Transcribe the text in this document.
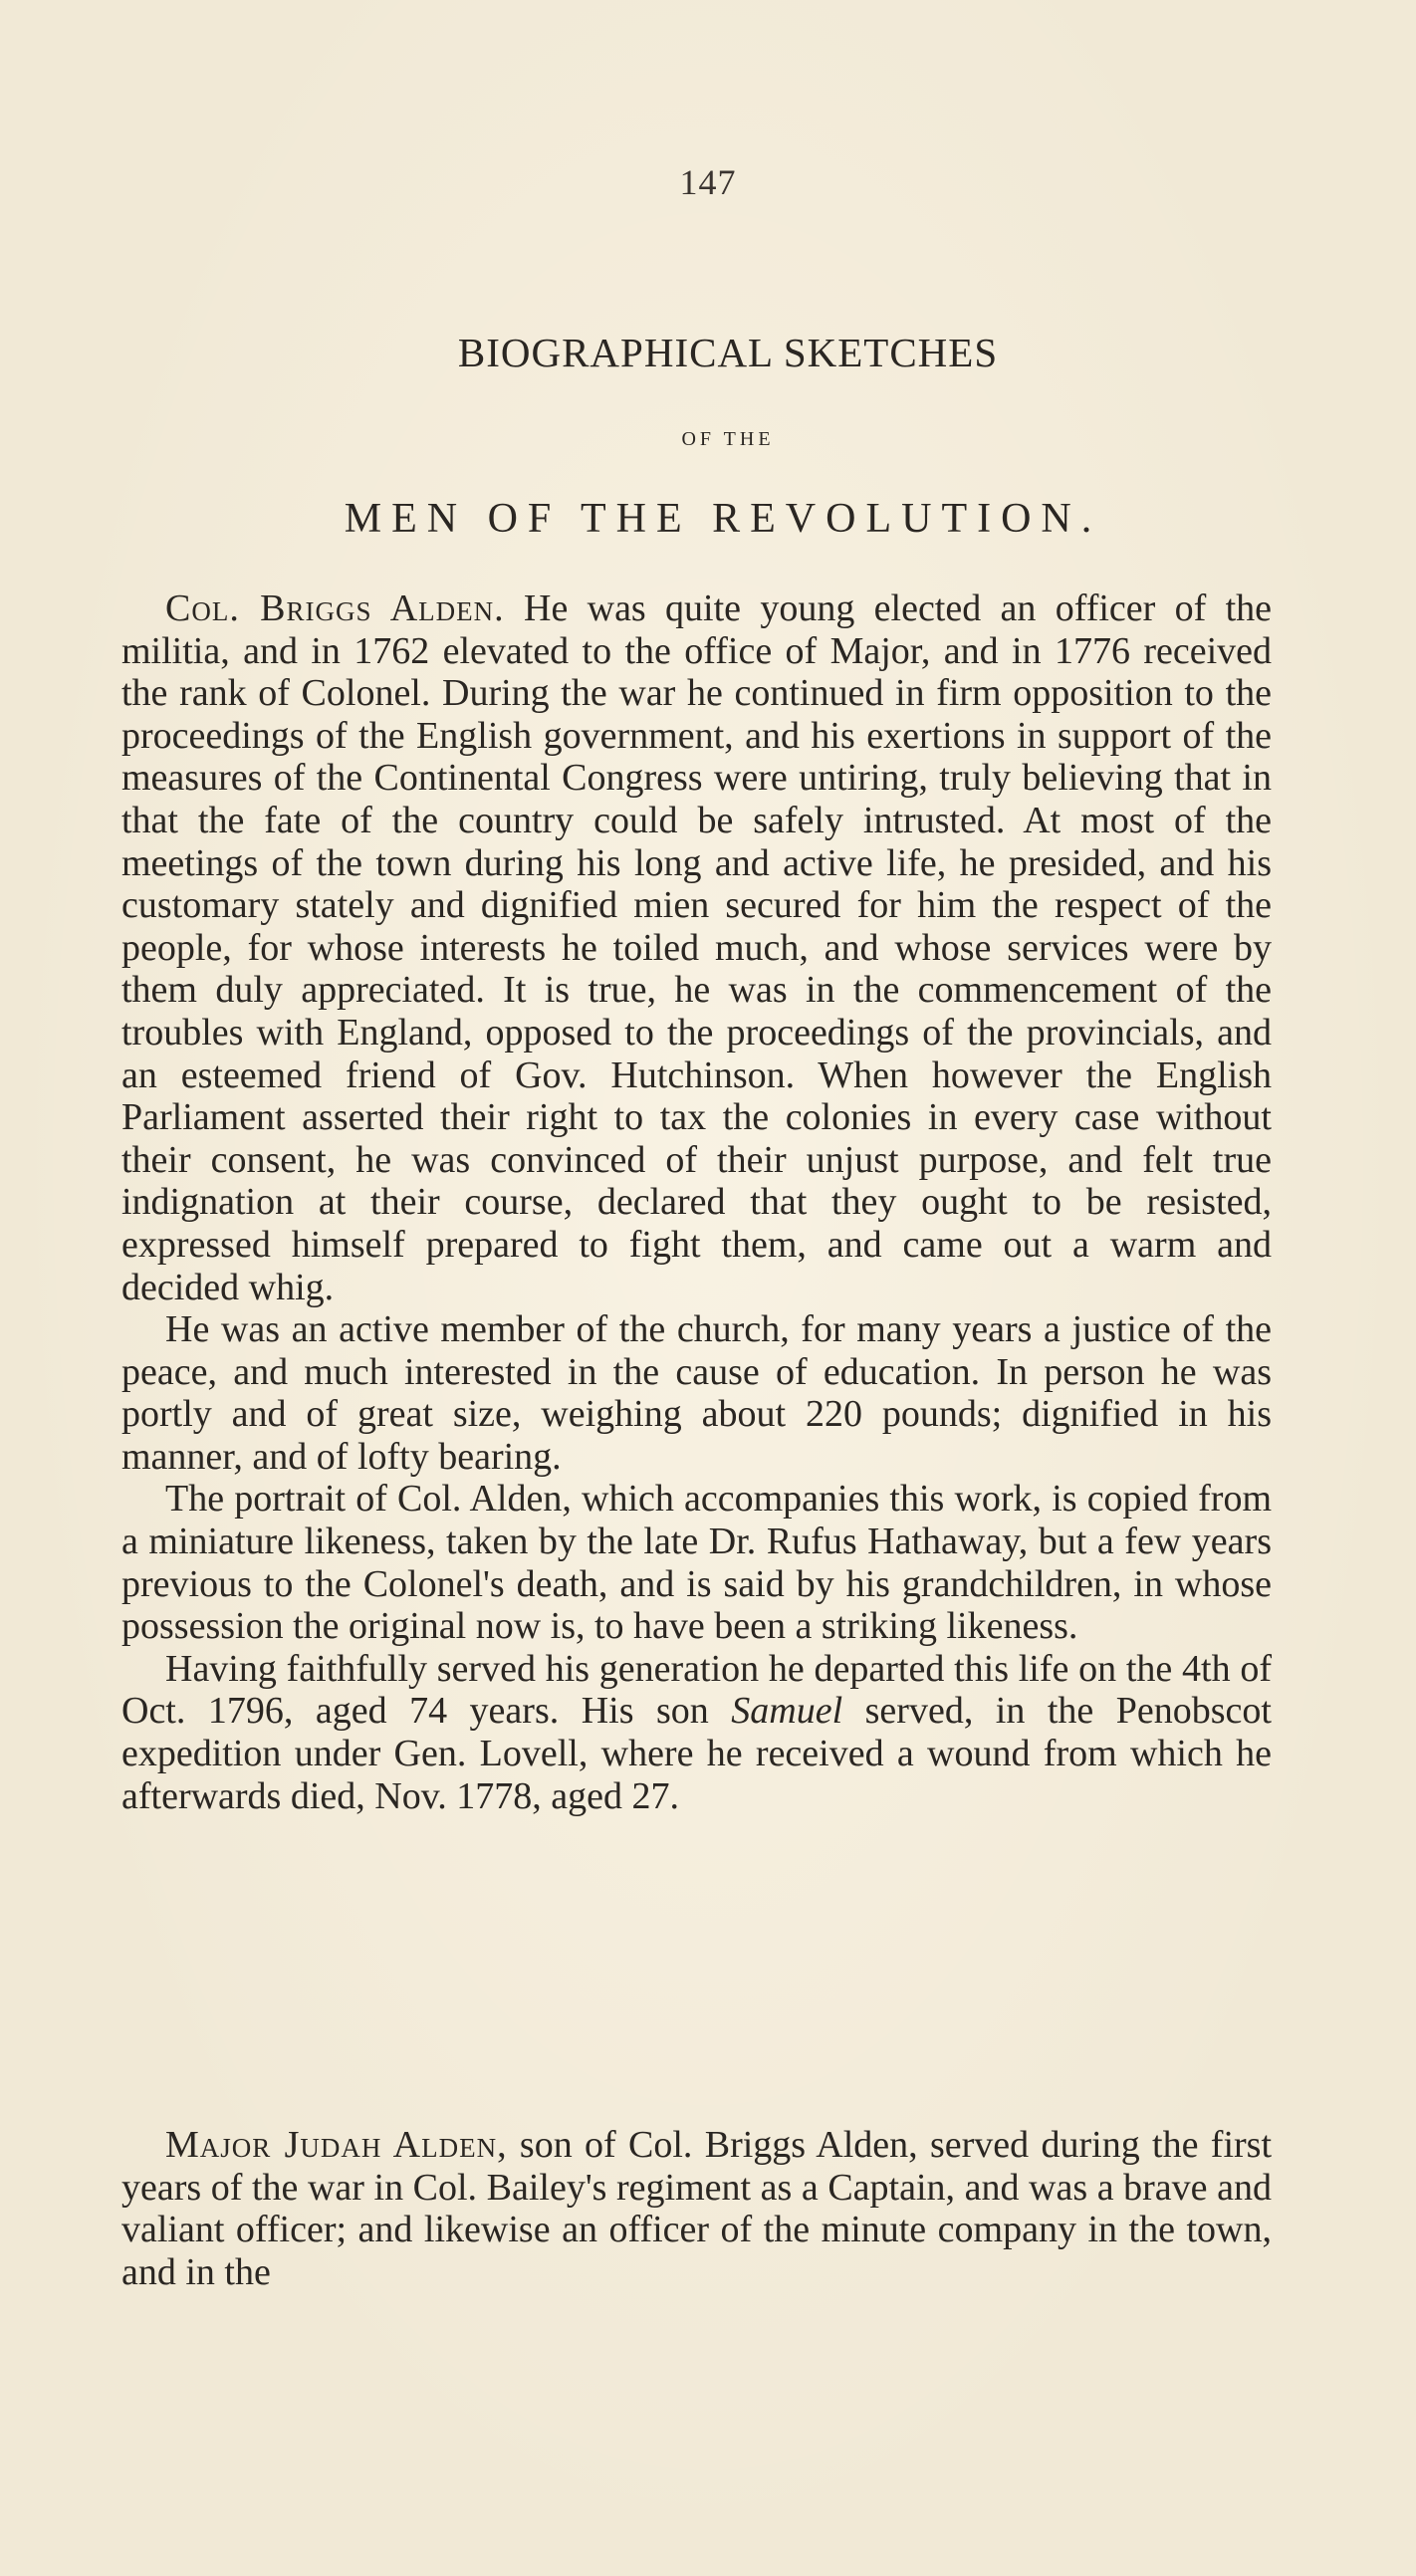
147
BIOGRAPHICAL SKETCHES
OF THE
MEN OF THE REVOLUTION.

Col. Briggs Alden. He was quite young elected an officer of the militia, and in 1762 elevated to the office of Major, and in 1776 received the rank of Colonel. During the war he continued in firm opposition to the proceedings of the English government, and his exertions in support of the measures of the Continental Congress were untiring, truly believing that in that the fate of the country could be safely intrusted. At most of the meetings of the town during his long and active life, he presided, and his customary stately and dignified mien secured for him the respect of the people, for whose interests he toiled much, and whose services were by them duly appreciated. It is true, he was in the commencement of the troubles with England, opposed to the proceedings of the provincials, and an esteemed friend of Gov. Hutchinson. When however the English Parliament asserted their right to tax the colonies in every case without their consent, he was convinced of their unjust purpose, and felt true indignation at their course, declared that they ought to be resisted, expressed himself prepared to fight them, and came out a warm and decided whig.

He was an active member of the church, for many years a justice of the peace, and much interested in the cause of education. In person he was portly and of great size, weighing about 220 pounds; dignified in his manner, and of lofty bearing.

The portrait of Col. Alden, which accompanies this work, is copied from a miniature likeness, taken by the late Dr. Rufus Hathaway, but a few years previous to the Colonel's death, and is said by his grandchildren, in whose possession the original now is, to have been a striking likeness.

Having faithfully served his generation he departed this life on the 4th of Oct. 1796, aged 74 years. His son Samuel served, in the Penobscot expedition under Gen. Lovell, where he received a wound from which he afterwards died, Nov. 1778, aged 27.

Major Judah Alden, son of Col. Briggs Alden, served during the first years of the war in Col. Bailey's regiment as a Captain, and was a brave and valiant officer; and likewise an officer of the minute company in the town, and in the
